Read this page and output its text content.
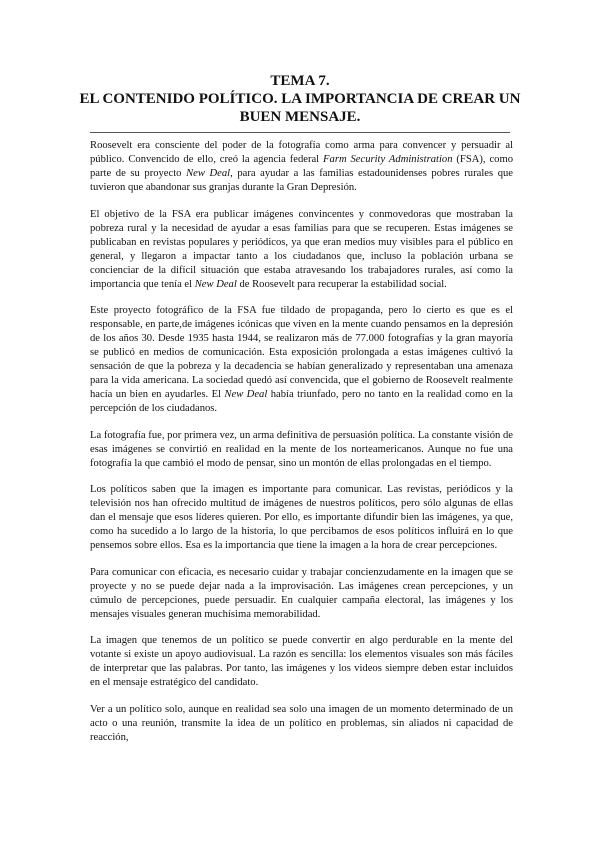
TEMA 7.
EL CONTENIDO POLÍTICO. LA IMPORTANCIA DE CREAR UN
BUEN MENSAJE.

Roosevelt era consciente del poder de la fotografía como arma para convencer y persuadir al público. Convencido de ello, creó la agencia federal Farm Security Administration (FSA), como parte de su proyecto New Deal, para ayudar a las familias estadounidenses pobres rurales que tuvieron que abandonar sus granjas durante la Gran Depresión.

El objetivo de la FSA era publicar imágenes convincentes y conmovedoras que mostraban la pobreza rural y la necesidad de ayudar a esas familias para que se recuperen. Estas imágenes se publicaban en revistas populares y periódicos, ya que eran medios muy visibles para el público en general, y llegaron a impactar tanto a los ciudadanos que, incluso la población urbana se concienciar de la difícil situación que estaba atravesando los trabajadores rurales, así como la importancia que tenía el New Deal de Roosevelt para recuperar la estabilidad social.

Este proyecto fotográfico de la FSA fue tildado de propaganda, pero lo cierto es que es el responsable, en parte,de imágenes icónicas que viven en la mente cuando pensamos en la depresión de los años 30. Desde 1935 hasta 1944, se realizaron más de 77.000 fotografías y la gran mayoría se publicó en medios de comunicación. Esta exposición prolongada a estas imágenes cultivó la sensación de que la pobreza y la decadencia se habían generalizado y representaban una amenaza para la vida americana. La sociedad quedó así convencida, que el gobierno de Roosevelt realmente hacía un bien en ayudarles. El New Deal había triunfado, pero no tanto en la realidad como en la percepción de los ciudadanos.

La fotografía fue, por primera vez, un arma definitiva de persuasión política. La constante visión de esas imágenes se convirtió en realidad en la mente de los norteamericanos. Aunque no fue una fotografía la que cambió el modo de pensar, sino un montón de ellas prolongadas en el tiempo.

Los políticos saben que la imagen es importante para comunicar. Las revistas, periódicos y la televisión nos han ofrecido multitud de imágenes de nuestros políticos, pero sólo algunas de ellas dan el mensaje que esos líderes quieren. Por ello, es importante difundir bien las imágenes, ya que, como ha sucedido a lo largo de la historia, lo que percibamos de esos políticos influirá en lo que pensemos sobre ellos. Esa es la importancia que tiene la imagen a la hora de crear percepciones.

Para comunicar con eficacia, es necesario cuidar y trabajar concienzudamente en la imagen que se proyecte y no se puede dejar nada a la improvisación. Las imágenes crean percepciones, y un cúmulo de percepciones, puede persuadir. En cualquier campaña electoral, las imágenes y los mensajes visuales generan muchísima memorabilidad.

La imagen que tenemos de un político se puede convertir en algo perdurable en la mente del votante si existe un apoyo audiovisual. La razón es sencilla: los elementos visuales son más fáciles de interpretar que las palabras. Por tanto, las imágenes y los videos siempre deben estar incluidos en el mensaje estratégico del candidato.

Ver a un político solo, aunque en realidad sea solo una imagen de un momento determinado de un acto o una reunión, transmite la idea de un político en problemas, sin aliados ni capacidad de reacción,
